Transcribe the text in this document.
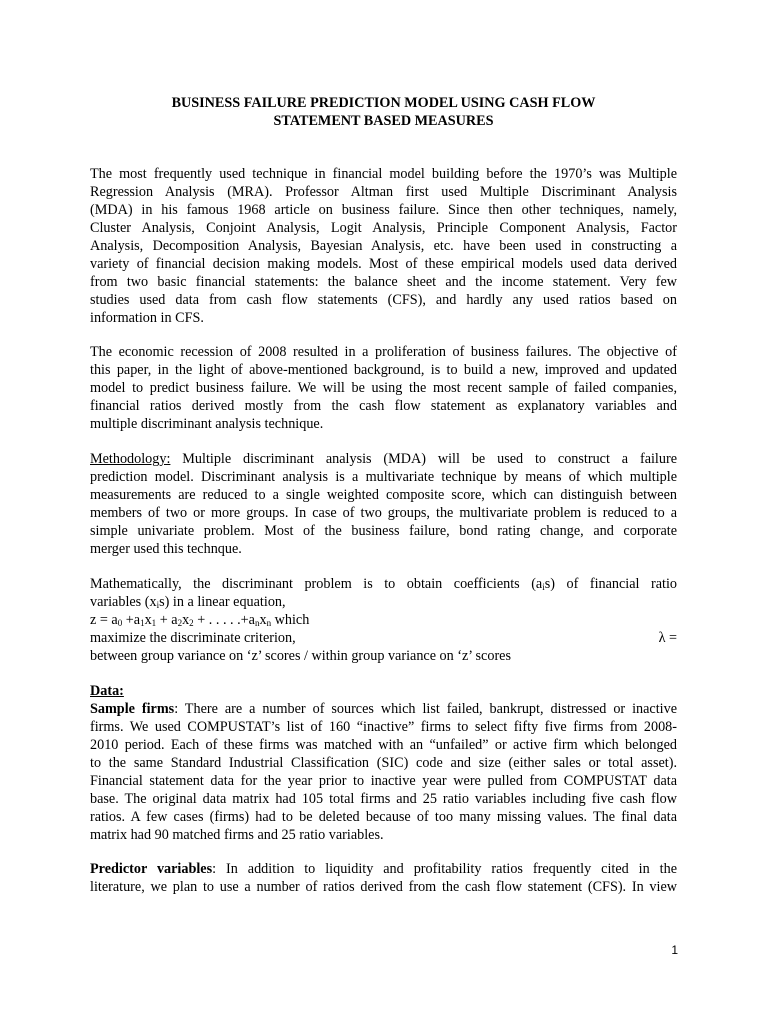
BUSINESS FAILURE PREDICTION MODEL USING CASH FLOW
STATEMENT BASED MEASURES
The most frequently used technique in financial model building before the 1970’s was Multiple
Regression Analysis (MRA). Professor Altman first used Multiple Discriminant Analysis
(MDA) in his famous 1968 article on business failure. Since then other techniques, namely,
Cluster Analysis, Conjoint Analysis, Logit Analysis, Principle Component Analysis, Factor
Analysis, Decomposition Analysis, Bayesian Analysis, etc. have been used in constructing a
variety of financial decision making models. Most of these empirical models used data derived
from two basic financial statements: the balance sheet and the income statement. Very few
studies used data from cash flow statements (CFS), and hardly any used ratios based on
information in CFS.
The economic recession of 2008 resulted in a proliferation of business failures. The objective of
this paper, in the light of above-mentioned background, is to build a new, improved and updated
model to predict business failure. We will be using the most recent sample of failed companies,
financial ratios derived mostly from the cash flow statement as explanatory variables and
multiple discriminant analysis technique.
Methodology: Multiple discriminant analysis (MDA) will be used to construct a failure
prediction model. Discriminant analysis is a multivariate technique by means of which multiple
measurements are reduced to a single weighted composite score, which can distinguish between
members of two or more groups. In case of two groups, the multivariate problem is reduced to a
simple univariate problem. Most of the business failure, bond rating change, and corporate
merger used this technque.
Mathematically, the discriminant problem is to obtain coefficients $(a_is)$ of financial ratio
variables $(x_is)$ in a linear equation,
$z = a_0 +a_1x_1 + a_2x_2$ + . . . . $.+a_nx_n$ which
maximize the discriminate criterion,	λ =
between group variance on ‘z’ scores / within group variance on ‘z’ scores
Data:
Sample firms: There are a number of sources which list failed, bankrupt, distressed or inactive
firms. We used COMPUSTAT’s list of 160 “inactive” firms to select fifty five firms from 2008-
2010 period. Each of these firms was matched with an “unfailed” or active firm which belonged
to the same Standard Industrial Classification (SIC) code and size (either sales or total asset).
Financial statement data for the year prior to inactive year were pulled from COMPUSTAT data
base. The original data matrix had 105 total firms and 25 ratio variables including five cash flow
ratios. A few cases (firms) had to be deleted because of too many missing values. The final data
matrix had 90 matched firms and 25 ratio variables.
Predictor variables: In addition to liquidity and profitability ratios frequently cited in the
literature, we plan to use a number of ratios derived from the cash flow statement (CFS). In view
1
